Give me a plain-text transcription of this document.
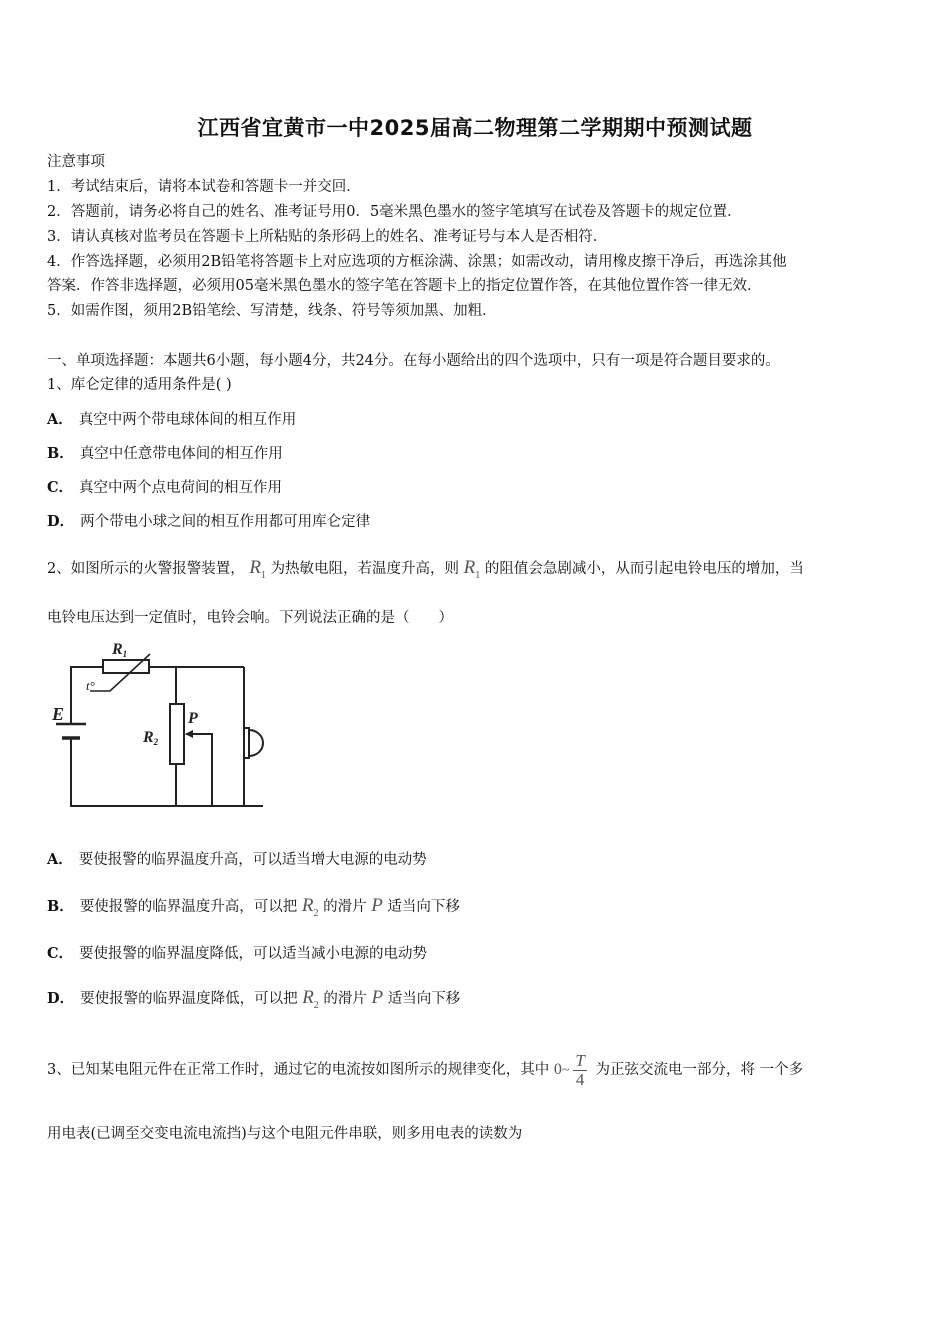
江西省宜黄市一中2025届高二物理第二学期期中预测试题
注意事项
1．考试结束后，请将本试卷和答题卡一并交回．
2．答题前，请务必将自己的姓名、准考证号用0．5毫米黑色墨水的签字笔填写在试卷及答题卡的规定位置．
3．请认真核对监考员在答题卡上所粘贴的条形码上的姓名、准考证号与本人是否相符．
4．作答选择题，必须用2B铅笔将答题卡上对应选项的方框涂满、涂黑；如需改动，请用橡皮擦干净后，再选涂其他
答案．作答非选择题，必须用05毫米黑色墨水的签字笔在答题卡上的指定位置作答，在其他位置作答一律无效．
5．如需作图，须用2B铅笔绘、写清楚，线条、符号等须加黑、加粗．
一、单项选择题：本题共6小题，每小题4分，共24分。在每小题给出的四个选项中，只有一项是符合题目要求的。
1、库仑定律的适用条件是( )
A． 真空中两个带电球体间的相互作用
B． 真空中任意带电体间的相互作用
C． 真空中两个点电荷间的相互作用
D． 两个带电小球之间的相互作用都可用库仑定律
2、如图所示的火警报警装置， $R_1$ 为热敏电阻，若温度升高，则 $R_1$ 的阻值会急剧减小，从而引起电铃电压的增加，当
电铃电压达到一定值时，电铃会响。下列说法正确的是（　　）
R1
t°
E
R2
P
A． 要使报警的临界温度升高，可以适当增大电源的电动势
B． 要使报警的临界温度升高，可以把 $R_2$ 的滑片 P 适当向下移
C． 要使报警的临界温度降低，可以适当减小电源的电动势
D． 要使报警的临界温度降低，可以把 $R_2$ 的滑片 P 适当向下移
3、已知某电阻元件在正常工作时，通过它的电流按如图所示的规律变化，其中 0~ $\frac{T}{4}$ 为正弦交流电一部分，将 一个多
用电表(已调至交变电流电流挡)与这个电阻元件串联，则多用电表的读数为
